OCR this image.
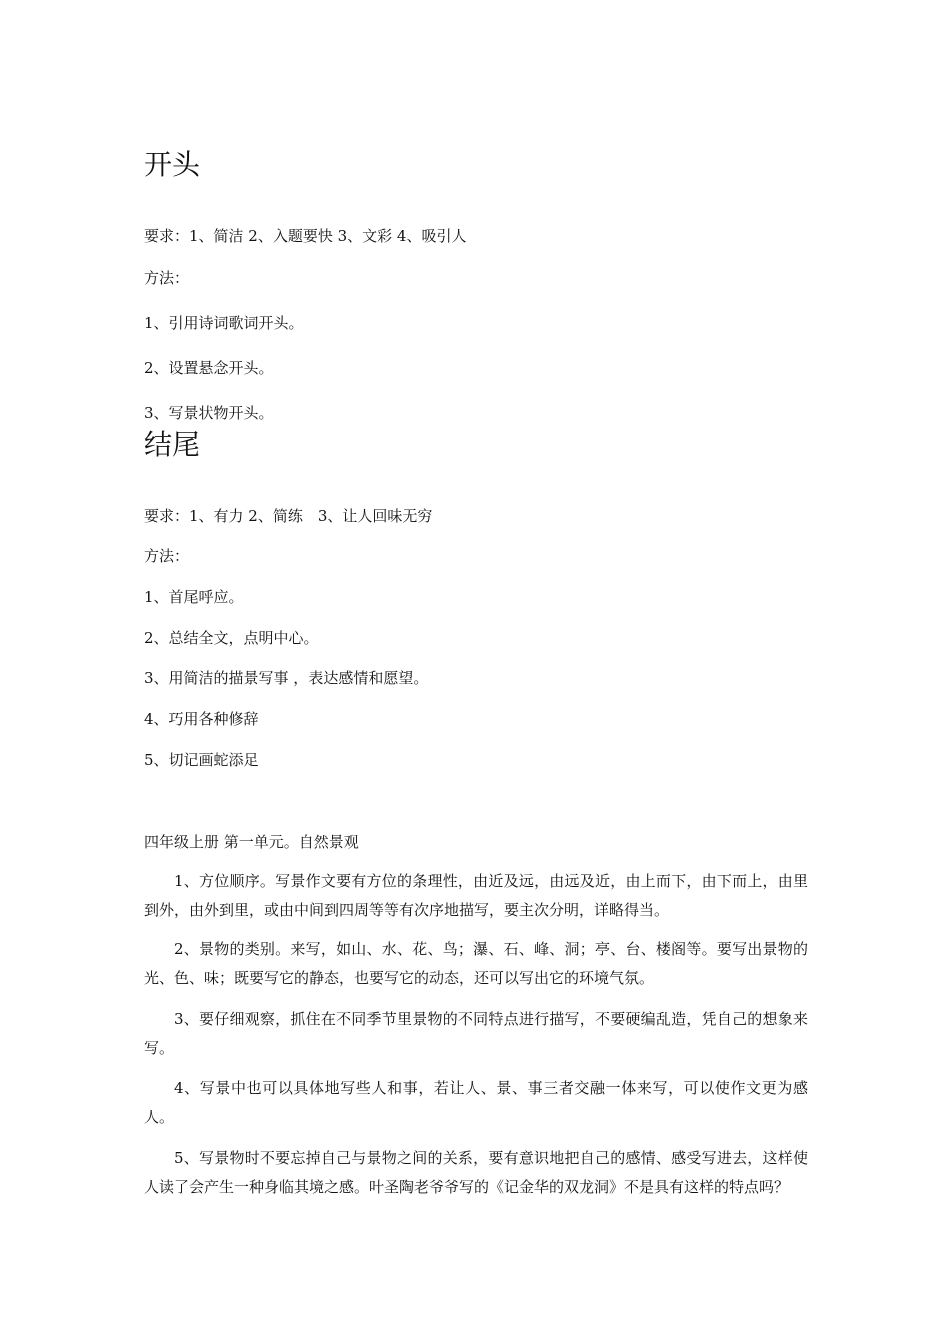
开头

要求：1、简洁 2、入题要快 3、文彩 4、吸引人

方法：

1、引用诗词歌词开头。

2、设置悬念开头。

3、写景状物开头。

结尾

要求：1、有力 2、简练　3、让人回味无穷

方法：

1、首尾呼应。

2、总结全文，点明中心。

3、用简洁的描景写事 ，表达感情和愿望。

4、巧用各种修辞

5、切记画蛇添足

四年级上册 第一单元。自然景观

1、方位顺序。写景作文要有方位的条理性，由近及远，由远及近，由上而下，由下而上，由里到外，由外到里，或由中间到四周等等有次序地描写，要主次分明，详略得当。

2、景物的类别。来写，如山、水、花、鸟；瀑、石、峰、洞；亭、台、楼阁等。要写出景物的光、色、味；既要写它的静态，也要写它的动态，还可以写出它的环境气氛。

3、要仔细观察，抓住在不同季节里景物的不同特点进行描写，不要硬编乱造，凭自己的想象来写。

4、写景中也可以具体地写些人和事，若让人、景、事三者交融一体来写，可以使作文更为感人。

5、写景物时不要忘掉自己与景物之间的关系，要有意识地把自己的感情、感受写进去，这样使人读了会产生一种身临其境之感。叶圣陶老爷爷写的《记金华的双龙洞》不是具有这样的特点吗？
